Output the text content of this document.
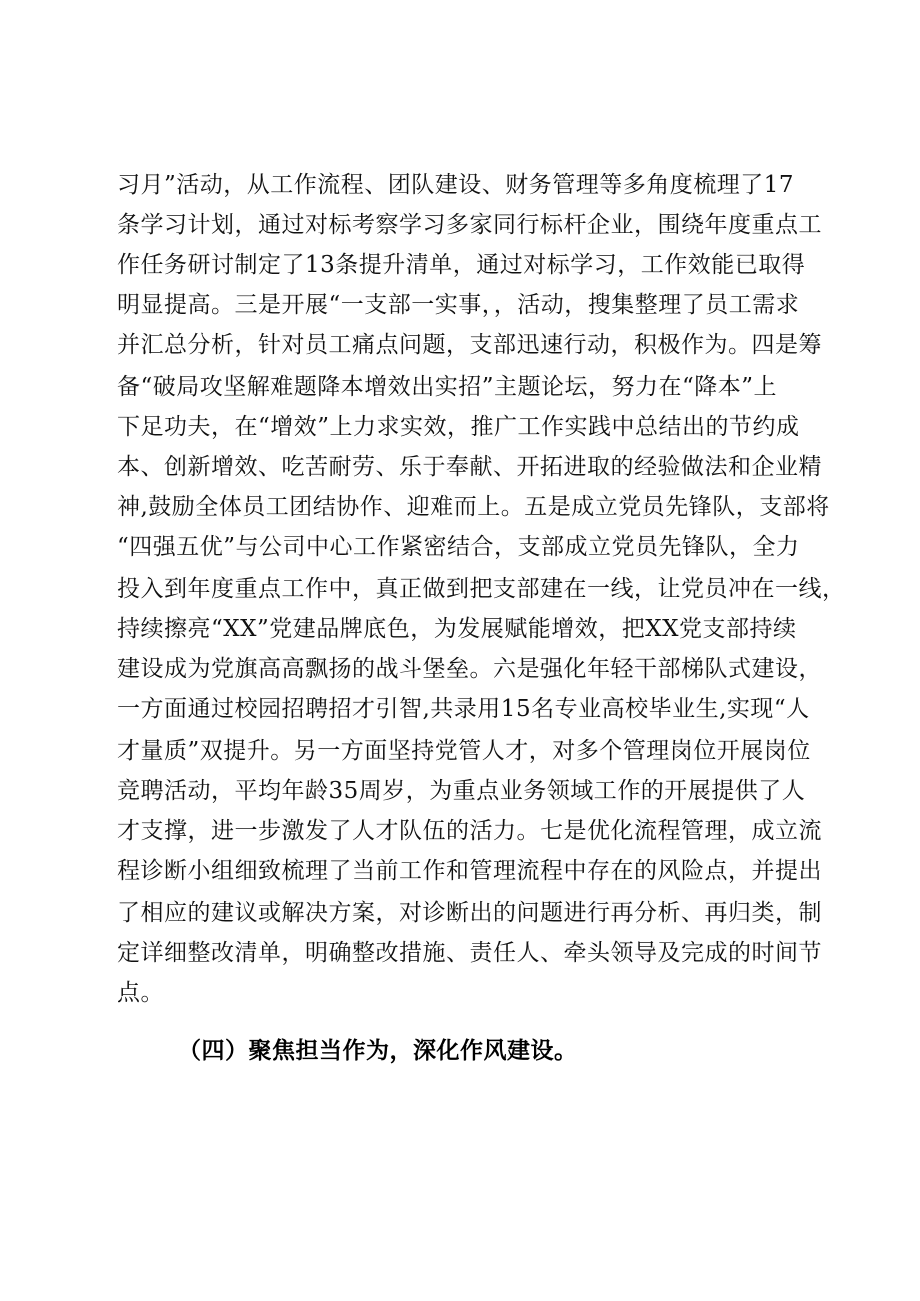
习月”活动，从工作流程、团队建设、财务管理等多角度梳理了17
条学习计划，通过对标考察学习多家同行标杆企业，围绕年度重点工
作任务研讨制定了13条提升清单，通过对标学习，工作效能已取得
明显提高。三是开展“一支部一实事，，活动，搜集整理了员工需求
并汇总分析，针对员工痛点问题，支部迅速行动，积极作为。四是筹
备“破局攻坚解难题降本增效出实招”主题论坛，努力在“降本”上
下足功夫，在“增效”上力求实效，推广工作实践中总结出的节约成
本、创新增效、吃苦耐劳、乐于奉献、开拓进取的经验做法和企业精
神,鼓励全体员工团结协作、迎难而上。五是成立党员先锋队，支部将
“四强五优”与公司中心工作紧密结合，支部成立党员先锋队，全力
投入到年度重点工作中，真正做到把支部建在一线，让党员冲在一线，
持续擦亮“XX”党建品牌底色，为发展赋能增效，把XX党支部持续
建设成为党旗高高飘扬的战斗堡垒。六是强化年轻干部梯队式建设，
一方面通过校园招聘招才引智,共录用15名专业高校毕业生,实现“人
才量质”双提升。另一方面坚持党管人才，对多个管理岗位开展岗位
竞聘活动，平均年龄35周岁，为重点业务领域工作的开展提供了人
才支撑，进一步激发了人才队伍的活力。七是优化流程管理，成立流
程诊断小组细致梳理了当前工作和管理流程中存在的风险点，并提出
了相应的建议或解决方案，对诊断出的问题进行再分析、再归类，制
定详细整改清单，明确整改措施、责任人、牵头领导及完成的时间节
点。
（四）聚焦担当作为，深化作风建设。
